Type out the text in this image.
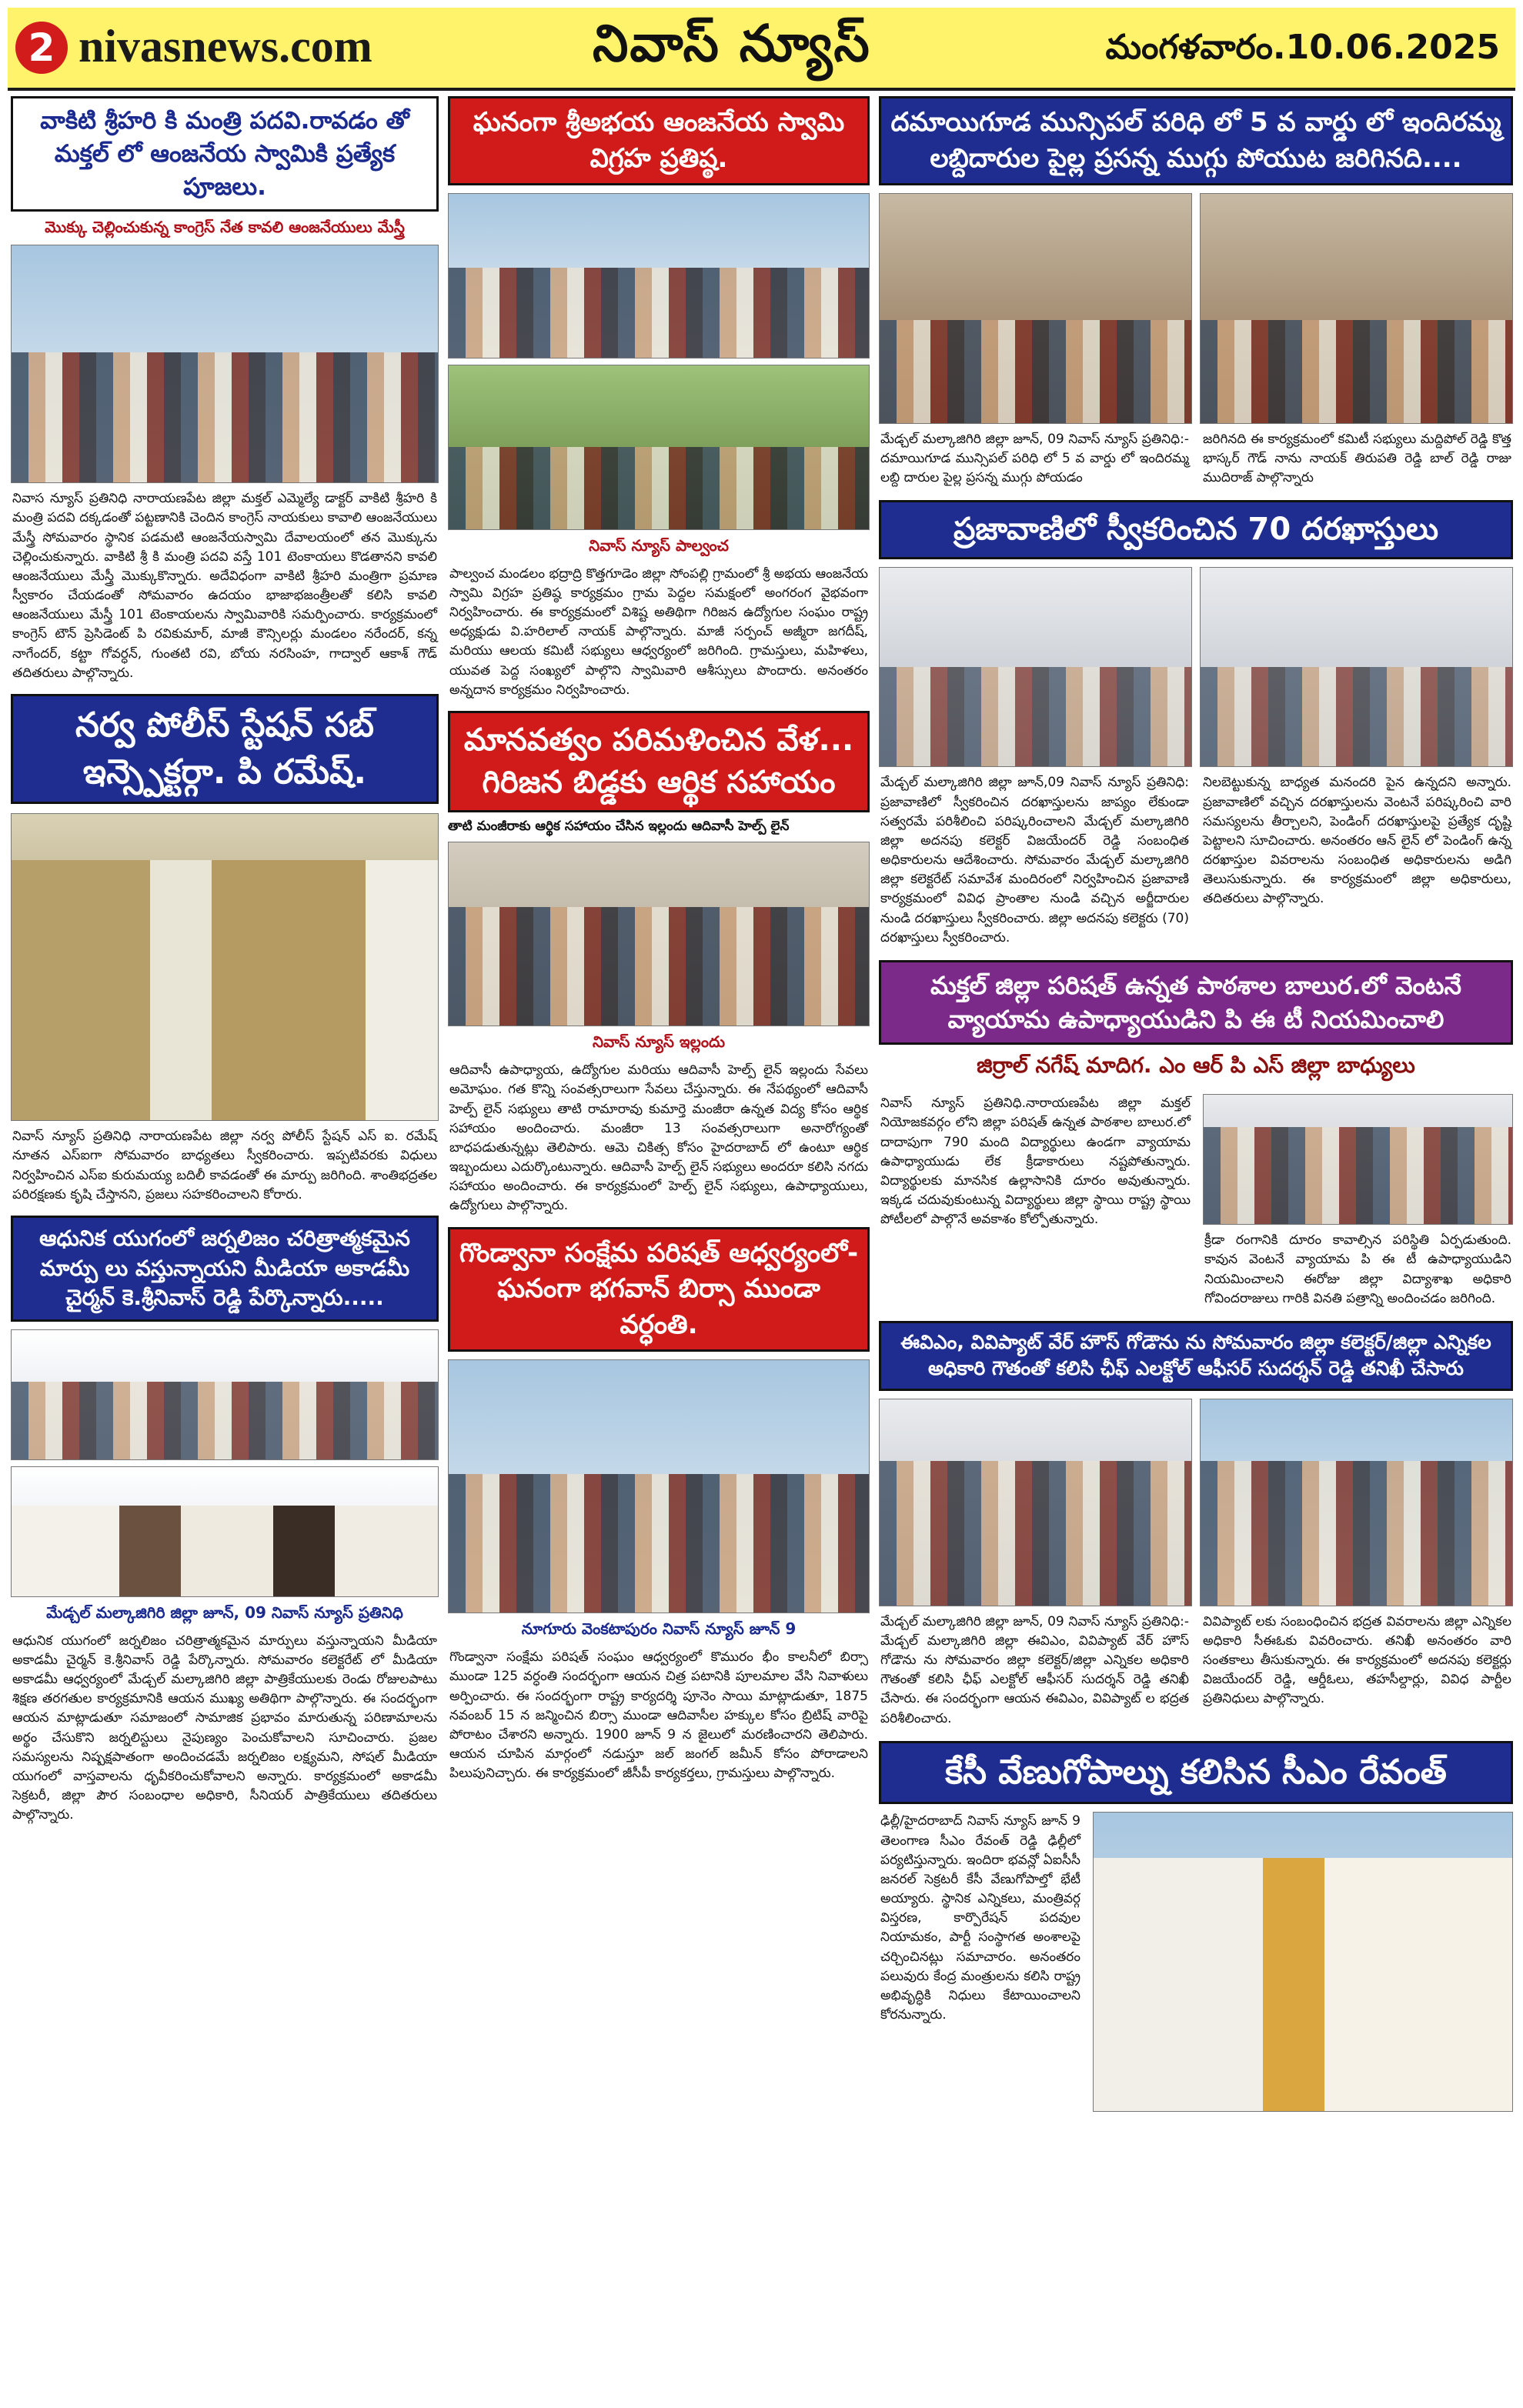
2 nivasnews.com	నివాస్ న్యూస్	మంగళవారం.10.06.2025
వాకిటి శ్రీహరి కి మంత్రి పదవి.రావడం తో మక్తల్ లో ఆంజనేయ స్వామికి ప్రత్యేక పూజలు.
మొక్కు చెల్లించుకున్న కాంగ్రెస్ నేత కావలి ఆంజనేయులు మేస్త్రీ
నివాస న్యూస్ ప్రతినిధి నారాయణపేట జిల్లా మక్తల్ ఎమ్మెల్యే డాక్టర్ వాకిటి శ్రీహరి కి మంత్రి పదవి దక్కడంతో పట్టణానికి చెందిన కాంగ్రెస్ నాయకులు కావాలి ఆంజనేయులు మేస్త్రీ సోమవారం స్థానిక పడమటి ఆంజనేయస్వామి దేవాలయంలో తన మొక్కును చెల్లించుకున్నారు. వాకిటి శ్రీ కి మంత్రి పదవి వస్తే 101 టెంకాయలు కొడతానని కావలి ఆంజనేయులు మేస్త్రీ మొక్కుకొన్నారు. అదేవిధంగా వాకిటి శ్రీహరి మంత్రిగా ప్రమాణ స్వీకారం చేయడంతో సోమవారం ఉదయం భాజాభజంత్రీలతో కలిసి కావలి ఆంజనేయులు మేస్త్రీ 101 టెంకాయలను స్వామివారికి సమర్పించారు. కార్యక్రమంలో కాంగ్రెస్ టౌన్ ప్రెసిడెంట్ పి రవికుమార్, మాజీ కౌన్సిలర్లు మండలం నరేందర్, కన్న నాగేందర్, కట్టా గోవర్ధన్, గుంతటి రవి, బోయ నరసింహ, గాద్వాల్ ఆకాశ్ గౌడ్ తదితరులు పాల్గొన్నారు.
నర్వ పోలీస్ స్టేషన్ సబ్ ఇన్స్పెక్టర్గా. పి రమేష్.
నివాస్ న్యూస్ ప్రతినిధి నారాయణపేట జిల్లా నర్వ పోలీస్ స్టేషన్ ఎస్ ఐ. రమేష్ నూతన ఎస్ఐగా సోమవారం బాధ్యతలు స్వీకరించారు. ఇప్పటివరకు విధులు నిర్వహించిన ఎస్ఐ కురుమయ్య బదిలీ కావడంతో ఈ మార్పు జరిగింది. శాంతిభద్రతల పరిరక్షణకు కృషి చేస్తానని, ప్రజలు సహకరించాలని కోరారు.
ఆధునిక యుగంలో జర్నలిజం చరిత్రాత్మకమైన మార్పు లు వస్తున్నాయని మీడియా అకాడమీ చైర్మన్ కె.శ్రీనివాస్ రెడ్డి పేర్కొన్నారు.....
మేడ్చల్ మల్కాజిగిరి జిల్లా జూన్, 09 నివాస్ న్యూస్ ప్రతినిధి
ఆధునిక యుగంలో జర్నలిజం చరిత్రాత్మకమైన మార్పులు వస్తున్నాయని మీడియా అకాడమీ చైర్మన్ కె.శ్రీనివాస్ రెడ్డి పేర్కొన్నారు. సోమవారం కలెక్టరేట్ లో మీడియా అకాడమీ ఆధ్వర్యంలో మేడ్చల్ మల్కాజిగిరి జిల్లా పాత్రికేయులకు రెండు రోజులపాటు శిక్షణ తరగతుల కార్యక్రమానికి ఆయన ముఖ్య అతిథిగా పాల్గొన్నారు. ఈ సందర్భంగా ఆయన మాట్లాడుతూ సమాజంలో సామాజిక ప్రభావం మారుతున్న పరిణామాలను అర్థం చేసుకొని జర్నలిస్టులు నైపుణ్యం పెంచుకోవాలని సూచించారు. ప్రజల సమస్యలను నిష్పక్షపాతంగా అందించడమే జర్నలిజం లక్ష్యమని, సోషల్ మీడియా యుగంలో వాస్తవాలను ధృవీకరించుకోవాలని అన్నారు. కార్యక్రమంలో అకాడమీ సెక్రటరీ, జిల్లా పౌర సంబంధాల అధికారి, సీనియర్ పాత్రికేయులు తదితరులు పాల్గొన్నారు.
ఘనంగా శ్రీఅభయ ఆంజనేయ స్వామి విగ్రహ ప్రతిష్ఠ.
నివాస్ న్యూస్ పాల్వంచ
పాల్వంచ మండలం భద్రాద్రి కొత్తగూడెం జిల్లా సోంపల్లి గ్రామంలో శ్రీ అభయ ఆంజనేయ స్వామి విగ్రహ ప్రతిష్ఠ కార్యక్రమం గ్రామ పెద్దల సమక్షంలో అంగరంగ వైభవంగా నిర్వహించారు. ఈ కార్యక్రమంలో విశిష్ట అతిథిగా గిరిజన ఉద్యోగుల సంఘం రాష్ట్ర అధ్యక్షుడు వి.హరిలాల్ నాయక్ పాల్గొన్నారు. మాజీ సర్పంచ్ అజ్మీరా జగదీష్, మరియు ఆలయ కమిటీ సభ్యులు ఆధ్వర్యంలో జరిగింది. గ్రామస్తులు, మహిళలు, యువత పెద్ద సంఖ్యలో పాల్గొని స్వామివారి ఆశీస్సులు పొందారు. అనంతరం అన్నదాన కార్యక్రమం నిర్వహించారు.
మానవత్వం పరిమళించిన వేళ... గిరిజన బిడ్డకు ఆర్థిక సహాయం
తాటి మంజీరాకు ఆర్థిక సహాయం చేసిన ఇల్లందు ఆదివాసీ హెల్ప్ లైన్
నివాస్ న్యూస్ ఇల్లందు
ఆదివాసీ ఉపాధ్యాయ, ఉద్యోగుల మరియు ఆదివాసీ హెల్ప్ లైన్ ఇల్లందు సేవలు అమోఘం. గత కొన్ని సంవత్సరాలుగా సేవలు చేస్తున్నారు. ఈ నేపథ్యంలో ఆదివాసీ హెల్ప్ లైన్ సభ్యులు తాటి రామారావు కుమార్తె మంజీరా ఉన్నత విద్య కోసం ఆర్థిక సహాయం అందించారు. మంజీరా 13 సంవత్సరాలుగా అనారోగ్యంతో బాధపడుతున్నట్లు తెలిపారు. ఆమె చికిత్స కోసం హైదరాబాద్ లో ఉంటూ ఆర్థిక ఇబ్బందులు ఎదుర్కొంటున్నారు. ఆదివాసీ హెల్ప్ లైన్ సభ్యులు అందరూ కలిసి నగదు సహాయం అందించారు. ఈ కార్యక్రమంలో హెల్ప్ లైన్ సభ్యులు, ఉపాధ్యాయులు, ఉద్యోగులు పాల్గొన్నారు.
గొండ్వానా సంక్షేమ పరిషత్ ఆధ్వర్యంలో- ఘనంగా భగవాన్ బిర్సా ముండా వర్ధంతి.
నూగూరు వెంకటాపురం నివాస్ న్యూస్ జూన్ 9
గొండ్వానా సంక్షేమ పరిషత్ సంఘం ఆధ్వర్యంలో కొమురం భీం కాలనీలో బిర్సా ముండా 125 వర్ధంతి సందర్భంగా ఆయన చిత్ర పటానికి పూలమాల వేసి నివాళులు అర్పించారు. ఈ సందర్భంగా రాష్ట్ర కార్యదర్శి పూనెం సాయి మాట్లాడుతూ, 1875 నవంబర్ 15 న జన్మించిన బిర్సా ముండా ఆదివాసీల హక్కుల కోసం బ్రిటిష్ వారిపై పోరాటం చేశారని అన్నారు. 1900 జూన్ 9 న జైలులో మరణించారని తెలిపారు. ఆయన చూపిన మార్గంలో నడుస్తూ జల్ జంగల్ జమీన్ కోసం పోరాడాలని పిలుపునిచ్చారు. ఈ కార్యక్రమంలో జీసీపీ కార్యకర్తలు, గ్రామస్తులు పాల్గొన్నారు.
దమాయిగూడ మున్సిపల్ పరిధి లో 5 వ వార్డు లో ఇందిరమ్మ లబ్దిదారుల పైల్ల ప్రసన్న ముగ్గు పోయుట జరిగినది....
మేడ్చల్ మల్కాజిగిరి జిల్లా జూన్, 09 నివాస్ న్యూస్ ప్రతినిధి:- దమాయిగూడ మున్సిపల్ పరిధి లో 5 వ వార్డు లో ఇందిరమ్మ లబ్ది దారుల పైల్ల ప్రసన్న ముగ్గు పోయడం
జరిగినది ఈ కార్యక్రమంలో కమిటీ సభ్యులు మద్దిపోల్ రెడ్డి కొత్త భాస్కర్ గౌడ్ నాను నాయక్ తిరుపతి రెడ్డి బాల్ రెడ్డి రాజు ముదిరాజ్ పాల్గొన్నారు
ప్రజావాణిలో స్వీకరించిన 70 దరఖాస్తులు
మేడ్చల్ మల్కాజిగిరి జిల్లా జూన్,09 నివాస్ న్యూస్ ప్రతినిధి: ప్రజావాణిలో స్వీకరించిన దరఖాస్తులను జాప్యం లేకుండా సత్వరమే పరిశీలించి పరిష్కరించాలని మేడ్చల్ మల్కాజిగిరి జిల్లా అదనపు కలెక్టర్ విజయేందర్ రెడ్డి సంబంధిత అధికారులను ఆదేశించారు. సోమవారం మేడ్చల్ మల్కాజిగిరి జిల్లా కలెక్టరేట్ సమావేశ మందిరంలో నిర్వహించిన ప్రజావాణి కార్యక్రమంలో వివిధ ప్రాంతాల నుండి వచ్చిన అర్జీదారుల నుండి దరఖాస్తులు స్వీకరించారు. జిల్లా అదనపు కలెక్టరు (70) దరఖాస్తులు స్వీకరించారు.
నిలబెట్టుకున్న బాధ్యత మనందరి పైన ఉన్నదని అన్నారు. ప్రజావాణిలో వచ్చిన దరఖాస్తులను వెంటనే పరిష్కరించి వారి సమస్యలను తీర్చాలని, పెండింగ్ దరఖాస్తులపై ప్రత్యేక దృష్టి పెట్టాలని సూచించారు. అనంతరం ఆన్ లైన్ లో పెండింగ్ ఉన్న దరఖాస్తుల వివరాలను సంబంధిత అధికారులను అడిగి తెలుసుకున్నారు. ఈ కార్యక్రమంలో జిల్లా అధికారులు, తదితరులు పాల్గొన్నారు.
మక్తల్ జిల్లా పరిషత్ ఉన్నత పాఠశాల బాలుర.లో వెంటనే వ్యాయామ ఉపాధ్యాయుడిని పి ఈ టీ నియమించాలి
జిర్రాల్ నగేష్ మాదిగ. ఎం ఆర్ పి ఎస్ జిల్లా బాధ్యులు
నివాస్ న్యూస్ ప్రతినిధి.నారాయణపేట జిల్లా మక్తల్ నియోజకవర్గం లోని జిల్లా పరిషత్ ఉన్నత పాఠశాల బాలుర.లో దాదాపుగా 790 మంది విద్యార్థులు ఉండగా వ్యాయామ ఉపాధ్యాయుడు లేక క్రీడాకారులు నష్టపోతున్నారు. విద్యార్థులకు మానసిక ఉల్లాసానికి దూరం అవుతున్నారు. ఇక్కడ చదువుకుంటున్న విద్యార్థులు జిల్లా స్థాయి రాష్ట్ర స్థాయి పోటీలలో పాల్గొనే అవకాశం కోల్పోతున్నారు.
క్రీడా రంగానికి దూరం కావాల్సిన పరిస్థితి ఏర్పడుతుంది. కావున వెంటనే వ్యాయామ పి ఈ టీ ఉపాధ్యాయుడిని నియమించాలని ఈరోజు జిల్లా విద్యాశాఖ అధికారి గోవిందరాజులు గారికి వినతి పత్రాన్ని అందించడం జరిగింది.
ఈవిఎం, వివిప్యాట్ వేర్ హౌస్ గోడౌను ను సోమవారం జిల్లా కలెక్టర్/జిల్లా ఎన్నికల అధికారి గౌతంతో కలిసి ఛీఫ్ ఎలక్టోల్ ఆఫీసర్ సుదర్శన్ రెడ్డి తనిఖీ చేసారు
మేడ్చల్ మల్కాజిగిరి జిల్లా జూన్, 09 నివాస్ న్యూస్ ప్రతినిధి:- మేడ్చల్ మల్కాజిగిరి జిల్లా ఈవిఎం, వివిప్యాట్ వేర్ హౌస్ గోడౌను ను సోమవారం జిల్లా కలెక్టర్/జిల్లా ఎన్నికల అధికారి గౌతంతో కలిసి ఛీఫ్ ఎలక్టోల్ ఆఫీసర్ సుదర్శన్ రెడ్డి తనిఖీ చేసారు. ఈ సందర్భంగా ఆయన ఈవిఎం, వివిప్యాట్ ల భద్రత పరిశీలించారు.
వివిప్యాట్ లకు సంబంధించిన భద్రత వివరాలను జిల్లా ఎన్నికల అధికారి సీఈఓకు వివరించారు. తనిఖీ అనంతరం వారి సంతకాలు తీసుకున్నారు. ఈ కార్యక్రమంలో అదనపు కలెక్టర్లు విజయేందర్ రెడ్డి, ఆర్డీఓలు, తహసీల్దార్లు, వివిధ పార్టీల ప్రతినిధులు పాల్గొన్నారు.
కేసీ వేణుగోపాల్ను కలిసిన సీఎం రేవంత్
ఢిల్లీ/హైదరాబాద్ నివాస్ న్యూస్ జూన్ 9 తెలంగాణ సీఎం రేవంత్ రెడ్డి ఢిల్లీలో పర్యటిస్తున్నారు. ఇందిరా భవన్లో ఏఐసీసీ జనరల్ సెక్రటరీ కేసీ వేణుగోపాల్తో భేటీ అయ్యారు. స్థానిక ఎన్నికలు, మంత్రివర్గ విస్తరణ, కార్పొరేషన్ పదవుల నియామకం, పార్టీ సంస్థాగత అంశాలపై చర్చించినట్లు సమాచారం. అనంతరం పలువురు కేంద్ర మంత్రులను కలిసి రాష్ట్ర అభివృద్ధికి నిధులు కేటాయించాలని కోరనున్నారు.
